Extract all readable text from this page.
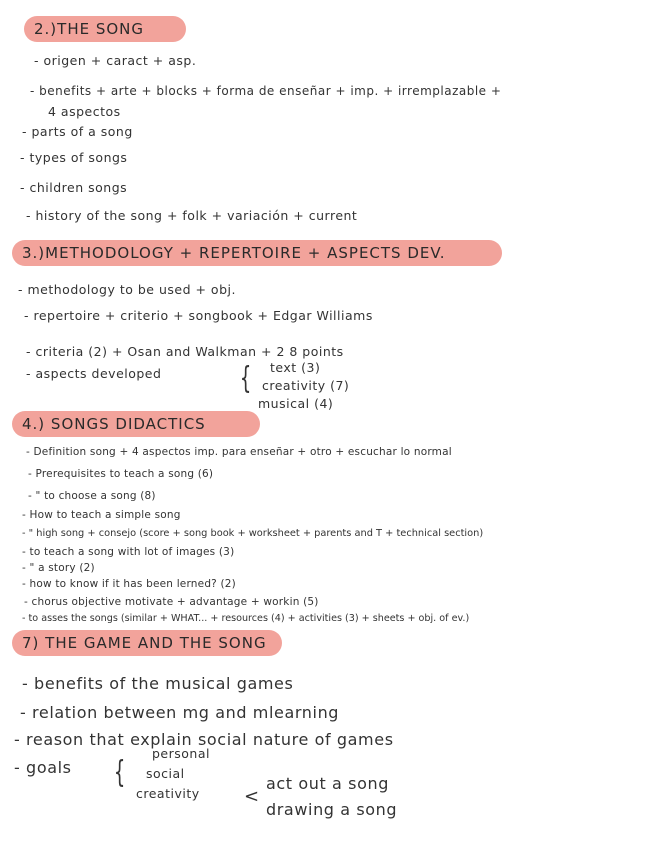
2.)THE SONG
- origen + caract + asp.
- benefits + arte + blocks + forma de enseñar + imp. + irremplazable +
4 aspectos
- parts of a song
- types of songs
- children songs
- history of the song + folk + variación + current
3.)METHODOLOGY + REPERTOIRE + ASPECTS DEV.
- methodology to be used + obj.
- repertoire + criterio + songbook + Edgar Williams
- criteria (2) + Osan and Walkman + 2 8 points
- aspects developed	{ text (3)
creativity (7)
musical (4)
4.) SONGS DIDACTICS
- Definition song + 4 aspectos imp. para enseñar + otro + escuchar lo normal
- Prerequisites to teach a song (6)
- " to choose a song (8)
- How to teach a simple song
- " high song + consejo (score + song book + worksheet + parents and T + technical section)
- to teach a song with lot of images (3)
- " a story (2)
- how to know if it has been lerned? (2)
- chorus objective motivate + advantage + workin (5)
- to asses the songs (similar + WHAT... + resources (4) + activities (3) + sheets + obj. of ev.)
7) THE GAME AND THE SONG
- benefits of the musical games
- relation between mg and mlearning
- reason that explain social nature of games
- goals {
personal
social
creativity <
act out a song
drawing a song
